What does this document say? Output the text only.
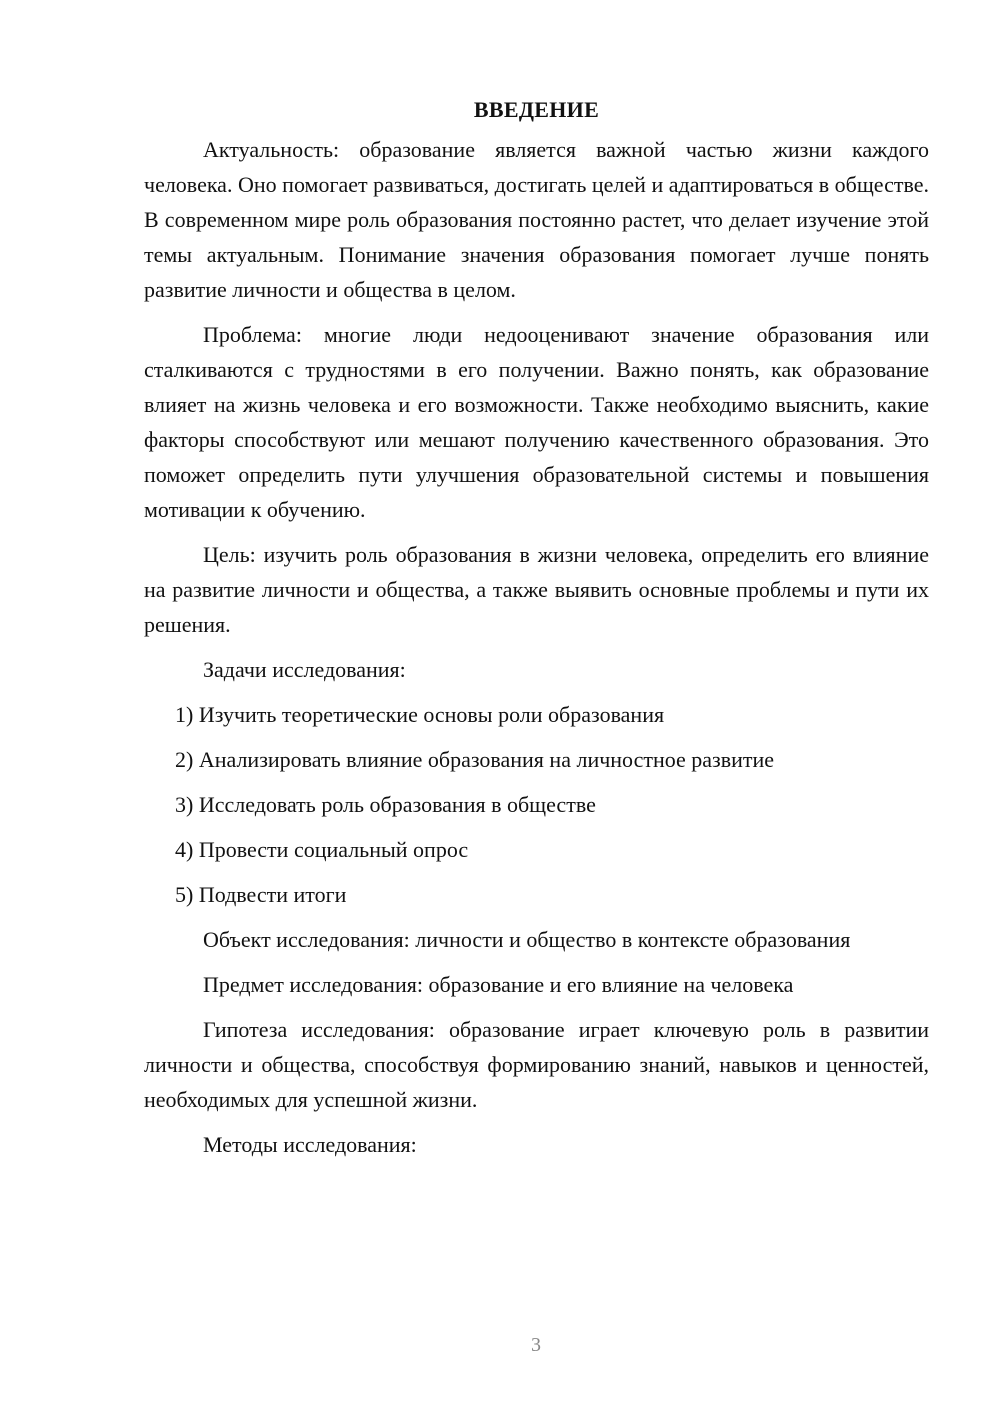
ВВЕДЕНИЕ

Актуальность: образование является важной частью жизни каждого человека. Оно помогает развиваться, достигать целей и адаптироваться в обществе. В современном мире роль образования постоянно растет, что делает изучение этой темы актуальным. Понимание значения образования помогает лучше понять развитие личности и общества в целом.

Проблема: многие люди недооценивают значение образования или сталкиваются с трудностями в его получении. Важно понять, как образование влияет на жизнь человека и его возможности. Также необходимо выяснить, какие факторы способствуют или мешают получению качественного образования. Это поможет определить пути улучшения образовательной системы и повышения мотивации к обучению.

Цель: изучить роль образования в жизни человека, определить его влияние на развитие личности и общества, а также выявить основные проблемы и пути их решения.

Задачи исследования:

1) Изучить теоретические основы роли образования
2) Анализировать влияние образования на личностное развитие
3) Исследовать роль образования в обществе
4) Провести социальный опрос
5) Подвести итоги

Объект исследования: личности и общество в контексте образования

Предмет исследования: образование и его влияние на человека

Гипотеза исследования: образование играет ключевую роль в развитии личности и общества, способствуя формированию знаний, навыков и ценностей, необходимых для успешной жизни.

Методы исследования:

3
